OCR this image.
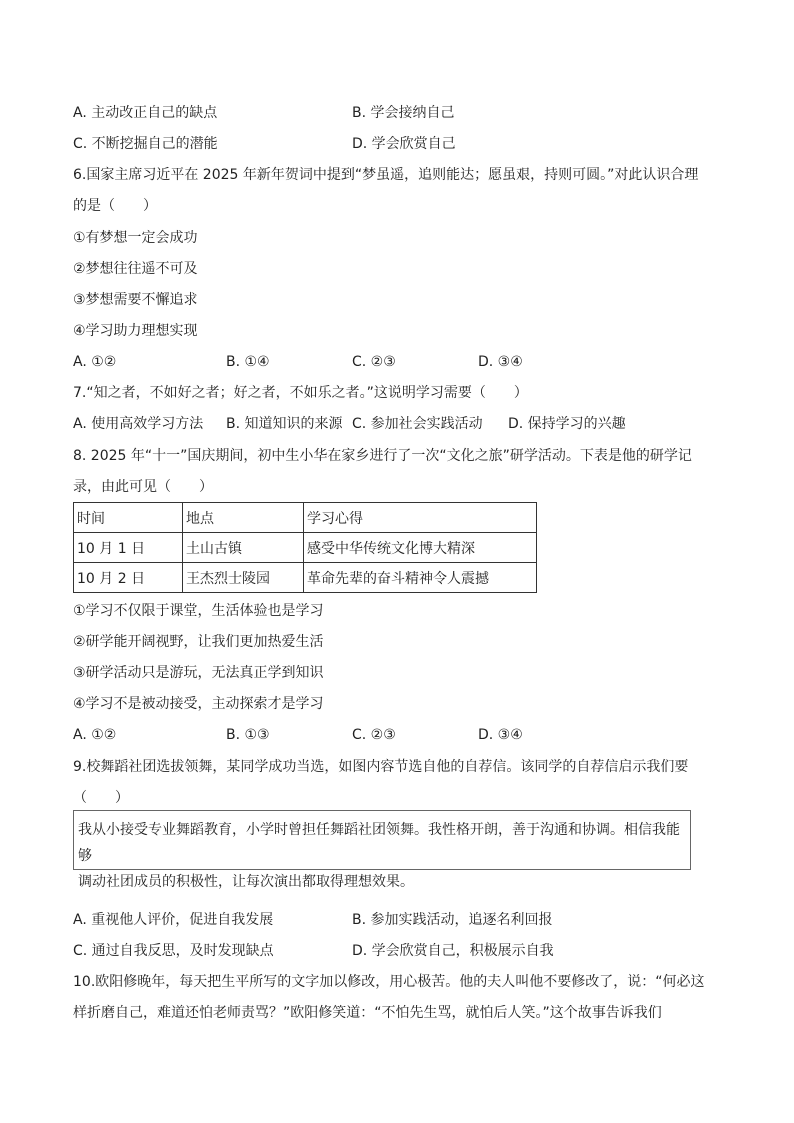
A. 主动改正自己的缺点	B. 学会接纳自己
C. 不断挖掘自己的潜能	D. 学会欣赏自己
6.国家主席习近平在 2025 年新年贺词中提到“梦虽遥，追则能达；愿虽艰，持则可圆。”对此认识合理
的是（　　）
①有梦想一定会成功
②梦想往往遥不可及
③梦想需要不懈追求
④学习助力理想实现
A. ①②	B. ①④	C. ②③	D. ③④
7.“知之者，不如好之者；好之者，不如乐之者。”这说明学习需要（　　）
A. 使用高效学习方法 B. 知道知识的来源 C. 参加社会实践活动 D. 保持学习的兴趣
8. 2025 年“十一”国庆期间，初中生小华在家乡进行了一次“文化之旅”研学活动。下表是他的研学记
录，由此可见（　　）
时间	地点	学习心得
10 月 1 日	土山古镇	感受中华传统文化博大精深
10 月 2 日	王杰烈士陵园	革命先辈的奋斗精神令人震撼
①学习不仅限于课堂，生活体验也是学习
②研学能开阔视野，让我们更加热爱生活
③研学活动只是游玩，无法真正学到知识
④学习不是被动接受，主动探索才是学习
A. ①②	B. ①③	C. ②③	D. ③④
9.校舞蹈社团选拔领舞，某同学成功当选，如图内容节选自他的自荐信。该同学的自荐信启示我们要
（　　）
我从小接受专业舞蹈教育，小学时曾担任舞蹈社团领舞。我性格开朗，善于沟通和协调。相信我能够
调动社团成员的积极性，让每次演出都取得理想效果。
A. 重视他人评价，促进自我发展	B. 参加实践活动，追逐名利回报
C. 通过自我反思，及时发现缺点	D. 学会欣赏自己，积极展示自我
10.欧阳修晚年，每天把生平所写的文字加以修改，用心极苦。他的夫人叫他不要修改了，说：“何必这
样折磨自己，难道还怕老师责骂？”欧阳修笑道：“不怕先生骂，就怕后人笑。”这个故事告诉我们
